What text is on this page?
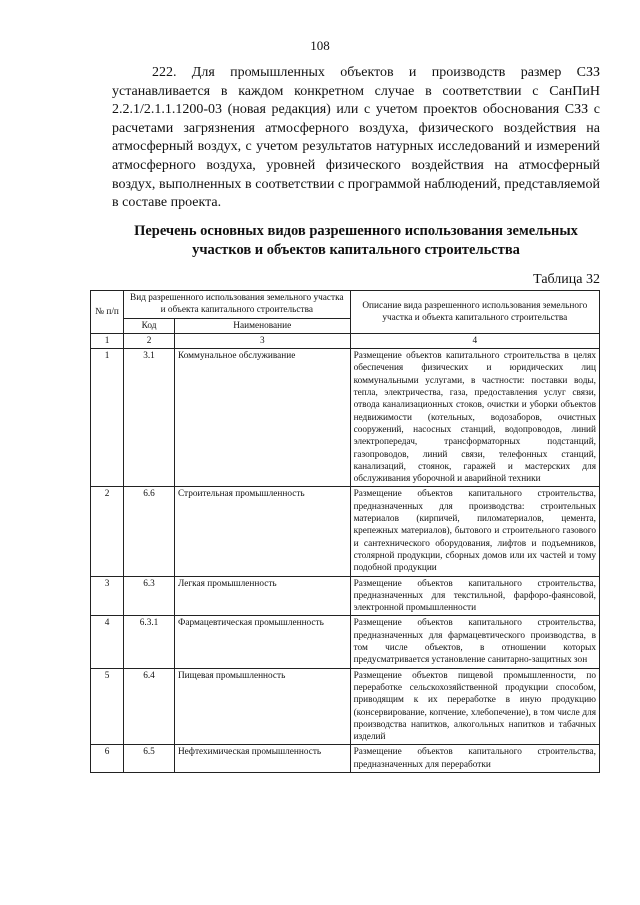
108

222. Для промышленных объектов и производств размер СЗЗ устанавливается в каждом конкретном случае в соответствии с СанПиН 2.2.1/2.1.1.1200-03 (новая редакция) или с учетом проектов обоснования СЗЗ с расчетами загрязнения атмосферного воздуха, физического воздействия на атмосферный воздух, с учетом результатов натурных исследований и измерений атмосферного воздуха, уровней физического воздействия на атмосферный воздух, выполненных в соответствии с программой наблюдений, представляемой в составе проекта.

Перечень основных видов разрешенного использования земельных
участков и объектов капитального строительства
Таблица 32
№ п/п	Вид разрешенного использования земельного участка и объекта капитального строительства		Описание вида разрешенного использования земельного участка и объекта капитального строительства
	Код	Наименование	
1	2	3	4
1	3.1	Коммунальное обслуживание	Размещение объектов капитального строительства в целях обеспечения физических и юридических лиц коммунальными услугами, в частности: поставки воды, тепла, электричества, газа, предоставления услуг связи, отвода канализационных стоков, очистки и уборки объектов недвижимости (котельных, водозаборов, очистных сооружений, насосных станций, водопроводов, линий электропередач, трансформаторных подстанций, газопроводов, линий связи, телефонных станций, канализаций, стоянок, гаражей и мастерских для обслуживания уборочной и аварийной техники
2	6.6	Строительная промышленность	Размещение объектов капитального строительства, предназначенных для производства: строительных материалов (кирпичей, пиломатериалов, цемента, крепежных материалов), бытового и строительного газового и сантехнического оборудования, лифтов и подъемников, столярной продукции, сборных домов или их частей и тому подобной продукции
3	6.3	Легкая промышленность	Размещение объектов капитального строительства, предназначенных для текстильной, фарфоро-фаянсовой, электронной промышленности
4	6.3.1	Фармацевтическая промышленность	Размещение объектов капитального строительства, предназначенных для фармацевтического производства, в том числе объектов, в отношении которых предусматривается установление санитарно-защитных зон
5	6.4	Пищевая промышленность	Размещение объектов пищевой промышленности, по переработке сельскохозяйственной продукции способом, приводящим к их переработке в иную продукцию (консервирование, копчение, хлебопечение), в том числе для производства напитков, алкогольных напитков и табачных изделий
6	6.5	Нефтехимическая промышленность	Размещение объектов капитального строительства, предназначенных для переработки
